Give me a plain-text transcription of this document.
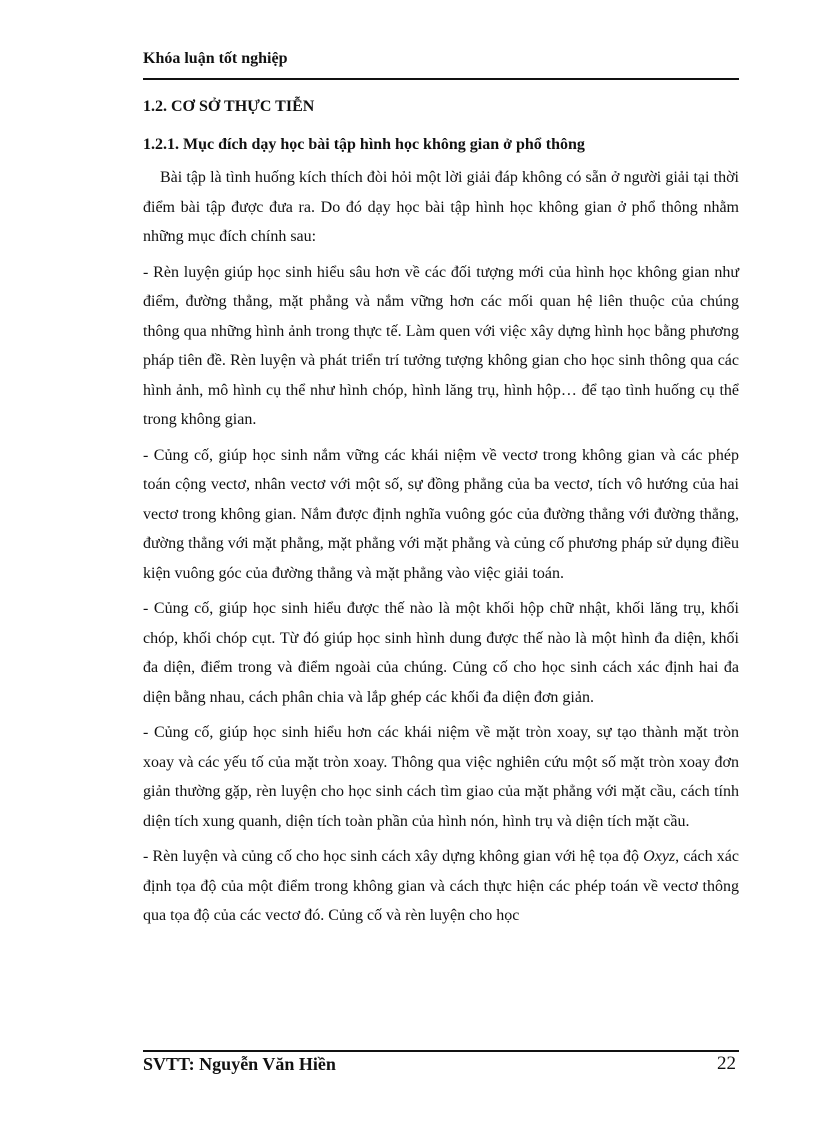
Khóa luận tốt nghiệp
1.2. CƠ SỞ THỰC TIỄN
1.2.1. Mục đích dạy học bài tập hình học không gian ở phổ thông

Bài tập là tình huống kích thích đòi hỏi một lời giải đáp không có sẵn ở người giải tại thời điểm bài tập được đưa ra. Do đó dạy học bài tập hình học không gian ở phổ thông nhằm những mục đích chính sau:

- Rèn luyện giúp học sinh hiểu sâu hơn về các đối tượng mới của hình học không gian như điểm, đường thẳng, mặt phẳng và nắm vững hơn các mối quan hệ liên thuộc của chúng thông qua những hình ảnh trong thực tế. Làm quen với việc xây dựng hình học bằng phương pháp tiên đề. Rèn luyện và phát triển trí tưởng tượng không gian cho học sinh thông qua các hình ảnh, mô hình cụ thể như hình chóp, hình lăng trụ, hình hộp… để tạo tình huống cụ thể trong không gian.

- Củng cố, giúp học sinh nắm vững các khái niệm về vectơ trong không gian và các phép toán cộng vectơ, nhân vectơ với một số, sự đồng phẳng của ba vectơ, tích vô hướng của hai vectơ trong không gian. Nắm được định nghĩa vuông góc của đường thẳng với đường thẳng, đường thẳng với mặt phẳng, mặt phẳng với mặt phẳng và củng cố phương pháp sử dụng điều kiện vuông góc của đường thẳng và mặt phẳng vào việc giải toán.

- Củng cố, giúp học sinh hiểu được thế nào là một khối hộp chữ nhật, khối lăng trụ, khối chóp, khối chóp cụt. Từ đó giúp học sinh hình dung được thế nào là một hình đa diện, khối đa diện, điểm trong và điểm ngoài của chúng. Củng cố cho học sinh cách xác định hai đa diện bằng nhau, cách phân chia và lắp ghép các khối đa diện đơn giản.

- Củng cố, giúp học sinh hiểu hơn các khái niệm về mặt tròn xoay, sự tạo thành mặt tròn xoay và các yếu tố của mặt tròn xoay. Thông qua việc nghiên cứu một số mặt tròn xoay đơn giản thường gặp, rèn luyện cho học sinh cách tìm giao của mặt phẳng với mặt cầu, cách tính diện tích xung quanh, diện tích toàn phần của hình nón, hình trụ và diện tích mặt cầu.

- Rèn luyện và củng cố cho học sinh cách xây dựng không gian với hệ tọa độ Oxyz, cách xác định tọa độ của một điểm trong không gian và cách thực hiện các phép toán về vectơ thông qua tọa độ của các vectơ đó. Củng cố và rèn luyện cho học

SVTT: Nguyễn Văn Hiền	22
